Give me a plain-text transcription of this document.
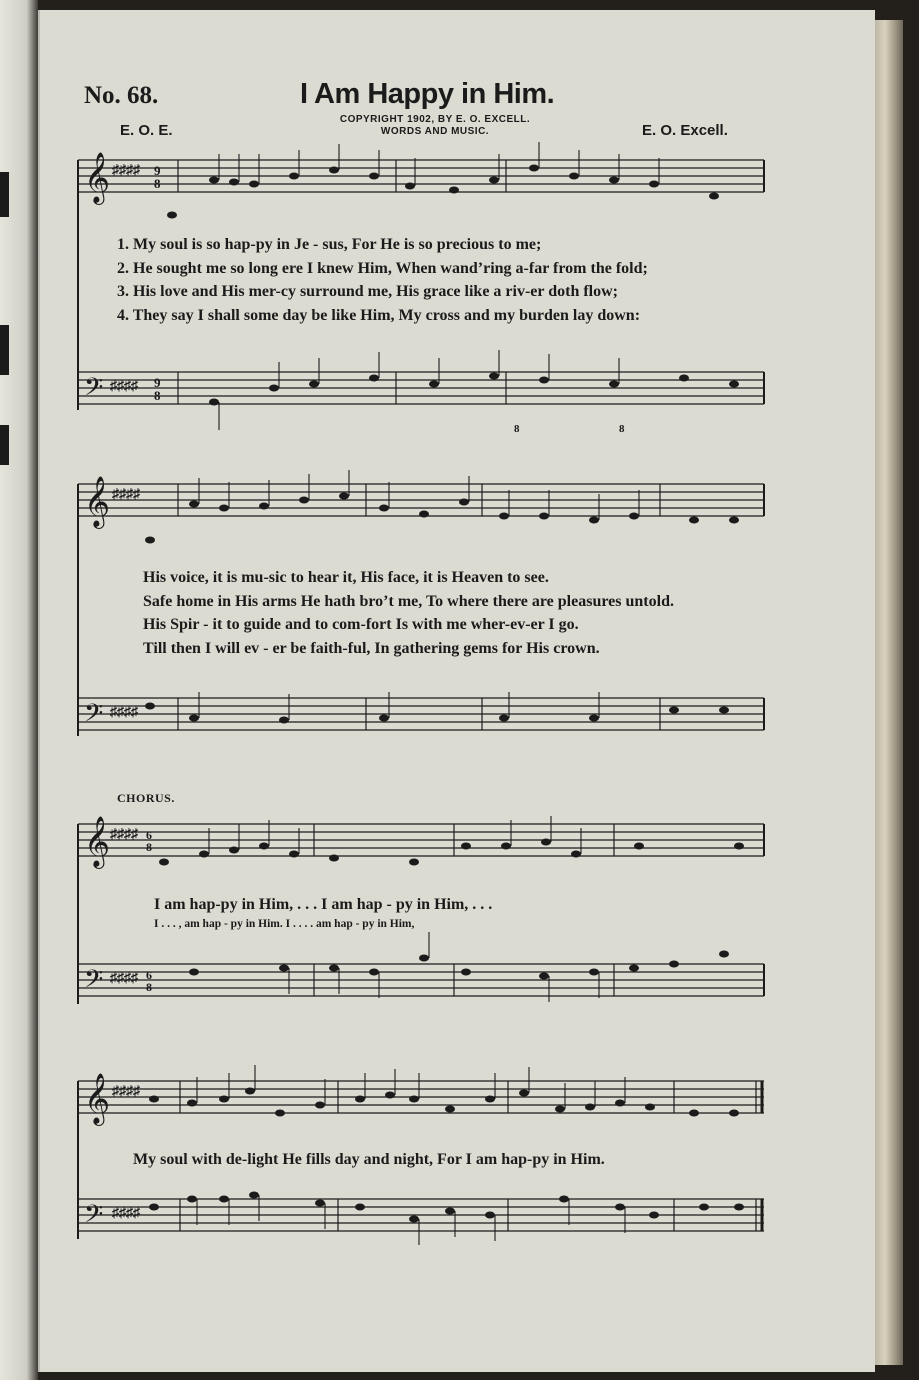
No. 68.	I Am Happy in Him.
COPYRIGHT 1902, BY E. O. EXCELL.
WORDS AND MUSIC.
E. O. E.	E. O. Excell.
𝄞
𝄢
♯♯♯♯
♯♯♯♯
9
8
9
8
8	8
1. My soul is so hap-py in Je - sus, For He is so precious to me;
2. He sought me so long ere I knew Him, When wand’ring a-far from the fold;
3. His love and His mer-cy surround me, His grace like a riv-er doth flow;
4. They say I shall some day be like Him, My cross and my burden lay down:
𝄞
𝄢
♯♯♯♯
♯♯♯♯
His voice, it is mu-sic to hear it, His face, it is Heaven to see.
Safe home in His arms He hath bro’t me, To where there are pleasures untold.
His Spir - it to guide and to com-fort Is with me wher-ev-er I go.
Till then I will ev - er be faith-ful, In gathering gems for His crown.
CHORUS.
𝄞
𝄢
♯♯♯♯
♯♯♯♯
6
8
6
8
I am hap-py in Him, . . . I am hap - py in Him, . . .
I . . . , am hap - py in Him. I . . . . am hap - py in Him,
𝄞
𝄢
♯♯♯♯
♯♯♯♯
My soul with de-light He fills day and night, For I am hap-py in Him.
